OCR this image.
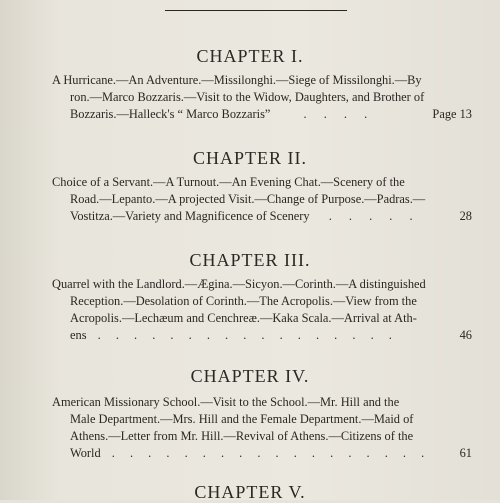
CHAPTER I.
A Hurricane.—An Adventure.—Missilonghi.—Siege of Missilonghi.—By
ron.—Marco Bozzaris.—Visit to the Widow, Daughters, and Brother of
Bozzaris.—Halleck's “ Marco Bozzaris”	. . . .	Page 13
CHAPTER II.
Choice of a Servant.—A Turnout.—An Evening Chat.—Scenery of the
Road.—Lepanto.—A projected Visit.—Change of Purpose.—Padras.—
Vostitza.—Variety and Magnificence of Scenery . . . . .	28
CHAPTER III.
Quarrel with the Landlord.—Ægina.—Sicyon.—Corinth.—A distinguished
Reception.—Desolation of Corinth.—The Acropolis.—View from the
Acropolis.—Lechæum and Cenchreæ.—Kaka Scala.—Arrival at Ath-
ens . . . . . . . . . . . . . . . . .	46
CHAPTER IV.
American Missionary School.—Visit to the School.—Mr. Hill and the
Male Department.—Mrs. Hill and the Female Department.—Maid of
Athens.—Letter from Mr. Hill.—Revival of Athens.—Citizens of the
World . . . . . . . . . . . . . . . . . . 61
CHAPTER V.
